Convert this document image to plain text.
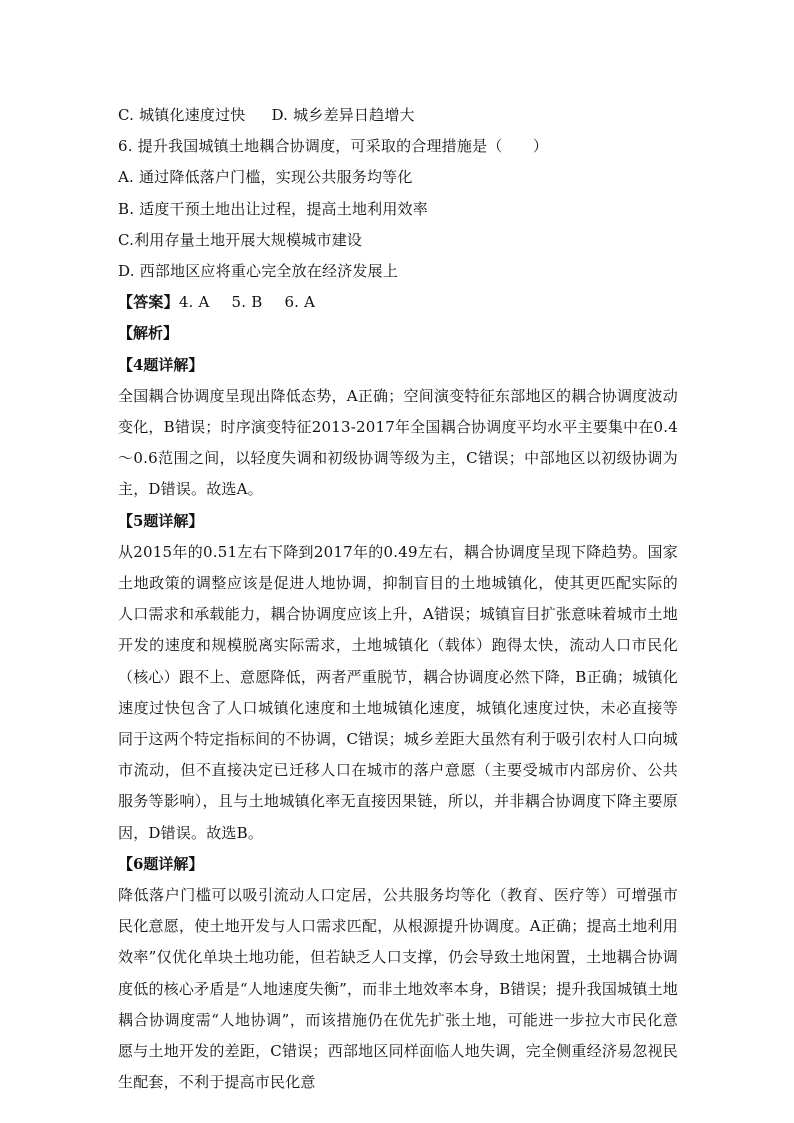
C. 城镇化速度过快 D. 城乡差异日趋增大
6. 提升我国城镇土地耦合协调度，可采取的合理措施是（　　）
A. 通过降低落户门槛，实现公共服务均等化
B. 适度干预土地出让过程，提高土地利用效率
C.利用存量土地开展大规模城市建设
D. 西部地区应将重心完全放在经济发展上
【答案】4. A 5. B 6. A
【解析】
【4题详解】
全国耦合协调度呈现出降低态势，A正确；空间演变特征东部地区的耦合协调度波动变化，B错误；时序演变特征2013-2017年全国耦合协调度平均水平主要集中在0.4～0.6范围之间，以轻度失调和初级协调等级为主，C错误；中部地区以初级协调为主，D错误。故选A。
【5题详解】
从2015年的0.51左右下降到2017年的0.49左右，耦合协调度呈现下降趋势。国家土地政策的调整应该是促进人地协调，抑制盲目的土地城镇化，使其更匹配实际的人口需求和承载能力，耦合协调度应该上升，A错误；城镇盲目扩张意味着城市土地开发的速度和规模脱离实际需求，土地城镇化（载体）跑得太快，流动人口市民化（核心）跟不上、意愿降低，两者严重脱节，耦合协调度必然下降，B正确；城镇化速度过快包含了人口城镇化速度和土地城镇化速度，城镇化速度过快，未必直接等同于这两个特定指标间的不协调，C错误；城乡差距大虽然有利于吸引农村人口向城市流动，但不直接决定已迁移人口在城市的落户意愿（主要受城市内部房价、公共服务等影响），且与土地城镇化率无直接因果链，所以，并非耦合协调度下降主要原因，D错误。故选B。
【6题详解】
降低落户门槛可以吸引流动人口定居，公共服务均等化（教育、医疗等）可增强市民化意愿，使土地开发与人口需求匹配，从根源提升协调度。A正确；提高土地利用效率”仅优化单块土地功能，但若缺乏人口支撑，仍会导致土地闲置，土地耦合协调度低的核心矛盾是“人地速度失衡”，而非土地效率本身，B错误；提升我国城镇土地耦合协调度需“人地协调”，而该措施仍在优先扩张土地，可能进一步拉大市民化意愿与土地开发的差距，C错误；西部地区同样面临人地失调，完全侧重经济易忽视民生配套，不利于提高市民化意
